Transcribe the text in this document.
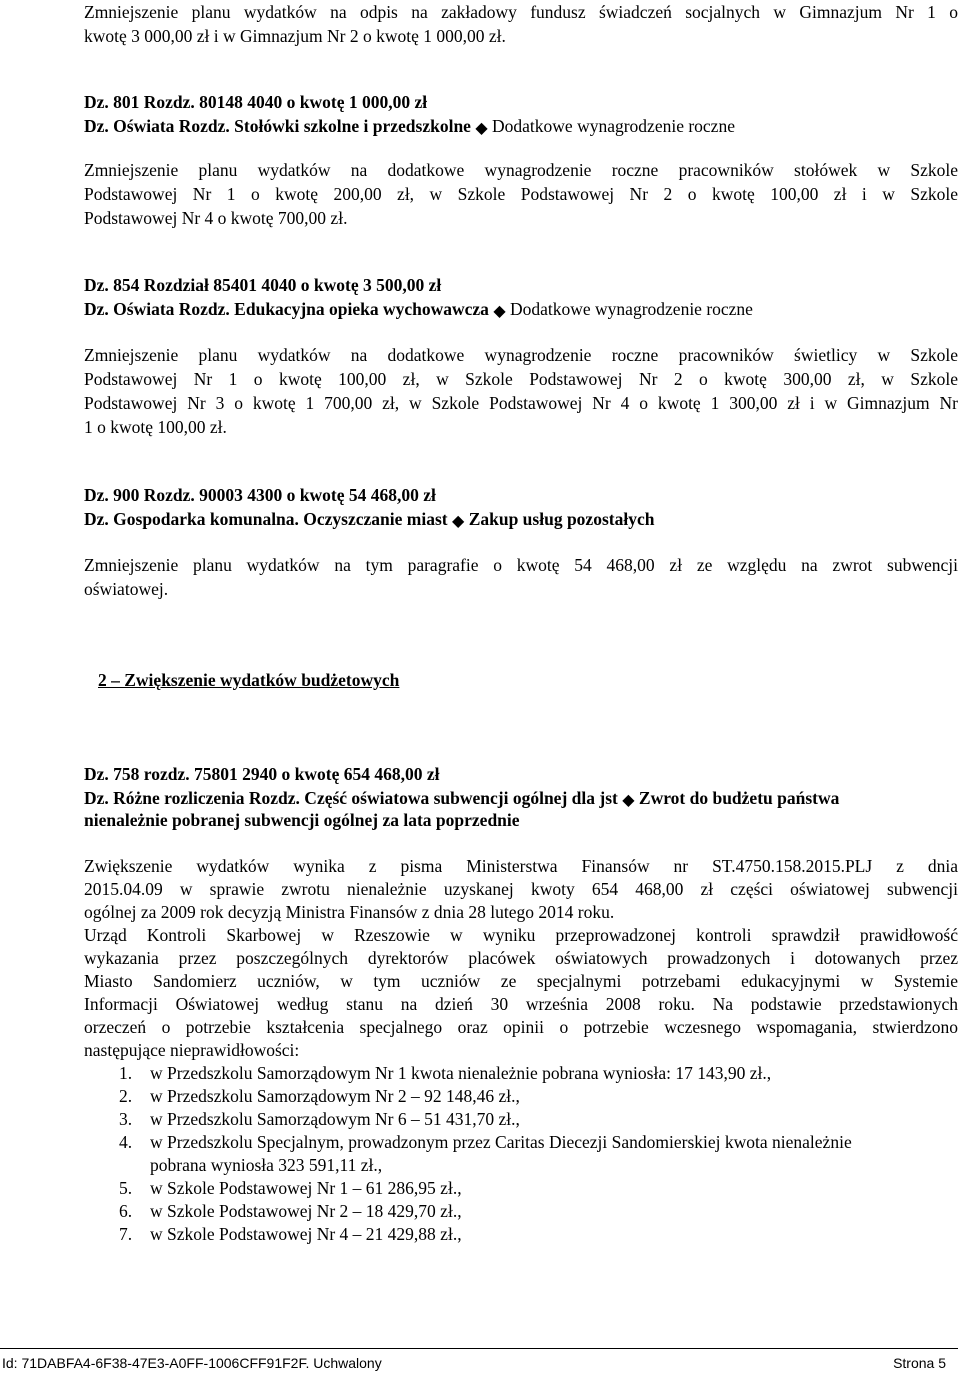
Zmniejszenie planu wydatków na odpis na zakładowy fundusz świadczeń socjalnych w Gimnazjum Nr 1 o
kwotę 3 000,00 zł i w Gimnazjum Nr 2 o kwotę 1 000,00 zł.
Dz. 801 Rozdz. 80148 4040 o kwotę 1 000,00 zł
Dz. Oświata Rozdz. Stołówki szkolne i przedszkolne ◆ Dodatkowe wynagrodzenie roczne
Zmniejszenie planu wydatków na dodatkowe wynagrodzenie roczne pracowników stołówek w Szkole
Podstawowej Nr 1 o kwotę 200,00 zł, w Szkole Podstawowej Nr 2 o kwotę 100,00 zł i w Szkole
Podstawowej Nr 4 o kwotę 700,00 zł.
Dz. 854 Rozdział 85401 4040 o kwotę 3 500,00 zł
Dz. Oświata Rozdz. Edukacyjna opieka wychowawcza ◆ Dodatkowe wynagrodzenie roczne
Zmniejszenie planu wydatków na dodatkowe wynagrodzenie roczne pracowników świetlicy w Szkole
Podstawowej Nr 1 o kwotę 100,00 zł, w Szkole Podstawowej Nr 2 o kwotę 300,00 zł, w Szkole
Podstawowej Nr 3 o kwotę 1 700,00 zł, w Szkole Podstawowej Nr 4 o kwotę 1 300,00 zł i w Gimnazjum Nr
1 o kwotę 100,00 zł.
Dz. 900 Rozdz. 90003 4300 o kwotę 54 468,00 zł
Dz. Gospodarka komunalna. Oczyszczanie miast ◆ Zakup usług pozostałych
Zmniejszenie planu wydatków na tym paragrafie o kwotę 54 468,00 zł ze względu na zwrot subwencji
oświatowej.
2 – Zwiększenie wydatków budżetowych
Dz. 758 rozdz. 75801 2940 o kwotę 654 468,00 zł
Dz. Różne rozliczenia Rozdz. Część oświatowa subwencji ogólnej dla jst ◆ Zwrot do budżetu państwa
nienależnie pobranej subwencji ogólnej za lata poprzednie
Zwiększenie wydatków wynika z pisma Ministerstwa Finansów nr ST.4750.158.2015.PLJ z dnia
2015.04.09 w sprawie zwrotu nienależnie uzyskanej kwoty 654 468,00 zł części oświatowej subwencji
ogólnej za 2009 rok decyzją Ministra Finansów z dnia 28 lutego 2014 roku.
Urząd Kontroli Skarbowej w Rzeszowie w wyniku przeprowadzonej kontroli sprawdził prawidłowość
wykazania przez poszczególnych dyrektorów placówek oświatowych prowadzonych i dotowanych przez
Miasto Sandomierz uczniów, w tym uczniów ze specjalnymi potrzebami edukacyjnymi w Systemie
Informacji Oświatowej według stanu na dzień 30 września 2008 roku. Na podstawie przedstawionych
orzeczeń o potrzebie kształcenia specjalnego oraz opinii o potrzebie wczesnego wspomagania, stwierdzono
następujące nieprawidłowości:
1. w Przedszkolu Samorządowym Nr 1 kwota nienależnie pobrana wyniosła: 17 143,90 zł.,
2. w Przedszkolu Samorządowym Nr 2 – 92 148,46 zł.,
3. w Przedszkolu Samorządowym Nr 6 – 51 431,70 zł.,
4. w Przedszkolu Specjalnym, prowadzonym przez Caritas Diecezji Sandomierskiej kwota nienależnie
pobrana wyniosła 323 591,11 zł.,
5. w Szkole Podstawowej Nr 1 – 61 286,95 zł.,
6. w Szkole Podstawowej Nr 2 – 18 429,70 zł.,
7. w Szkole Podstawowej Nr 4 – 21 429,88 zł.,
Id: 71DABFA4-6F38-47E3-A0FF-1006CFF91F2F. Uchwalony	Strona 5
